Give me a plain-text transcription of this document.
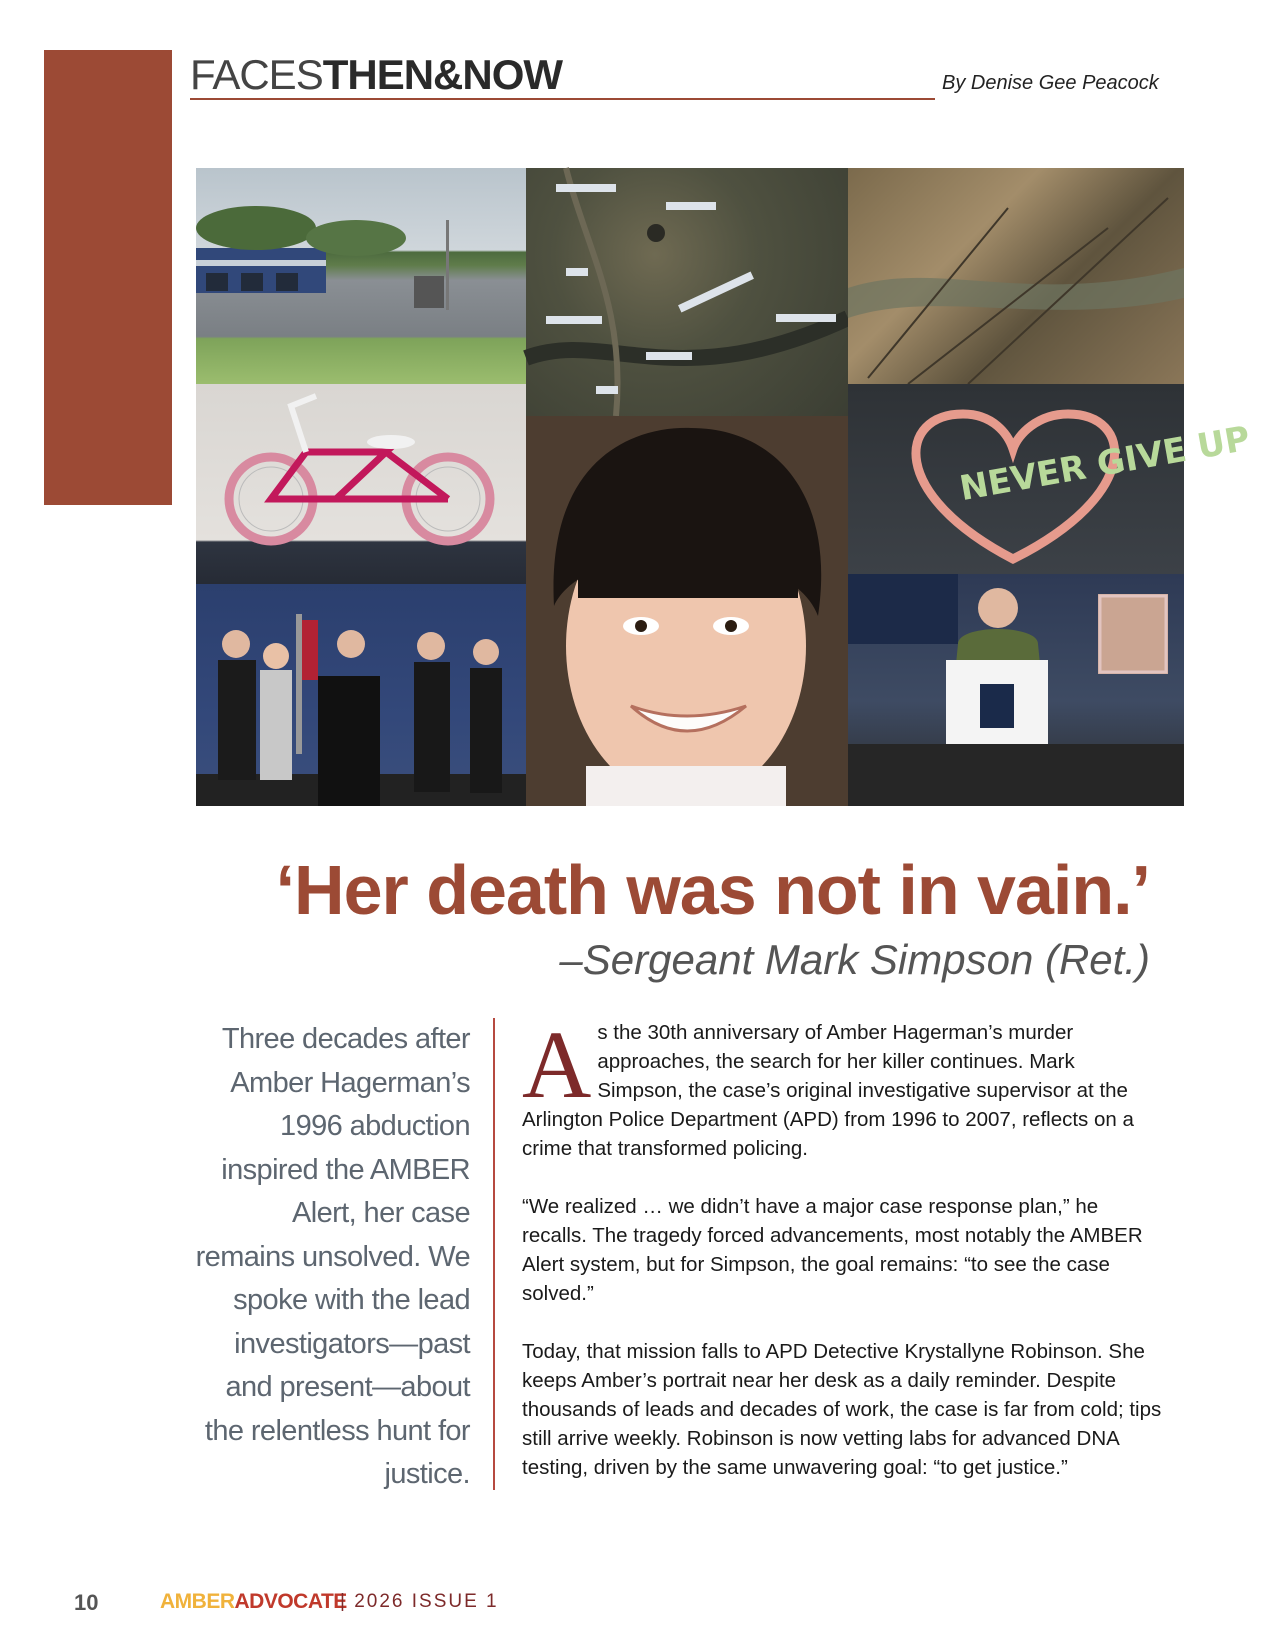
FACESTHEN&NOW	By Denise Gee Peacock
NEVER GIVE UP
‘Her death was not in vain.’
–Sergeant Mark Simpson (Ret.)
Three decades after Amber Hagerman’s 1996 abduction inspired the AMBER Alert, her case remains unsolved. We spoke with the lead investigators—past and present—about the relentless hunt for justice.

As the 30th anniversary of Amber Hagerman’s murder approaches, the search for her killer continues. Mark Simpson, the case’s original investigative supervisor at the Arlington Police Department (APD) from 1996 to 2007, reflects on a crime that transformed policing.

“We realized … we didn’t have a major case response plan,” he recalls. The tragedy forced advancements, most notably the AMBER Alert system, but for Simpson, the goal remains: “to see the case solved.”

Today, that mission falls to APD Detective Krystallyne Robinson. She keeps Amber’s portrait near her desk as a daily reminder. Despite thousands of leads and decades of work, the case is far from cold; tips still arrive weekly. Robinson is now vetting labs for advanced DNA testing, driven by the same unwavering goal: “to get justice.”

10	AMBERADVOCATE
| 2026 ISSUE 1
